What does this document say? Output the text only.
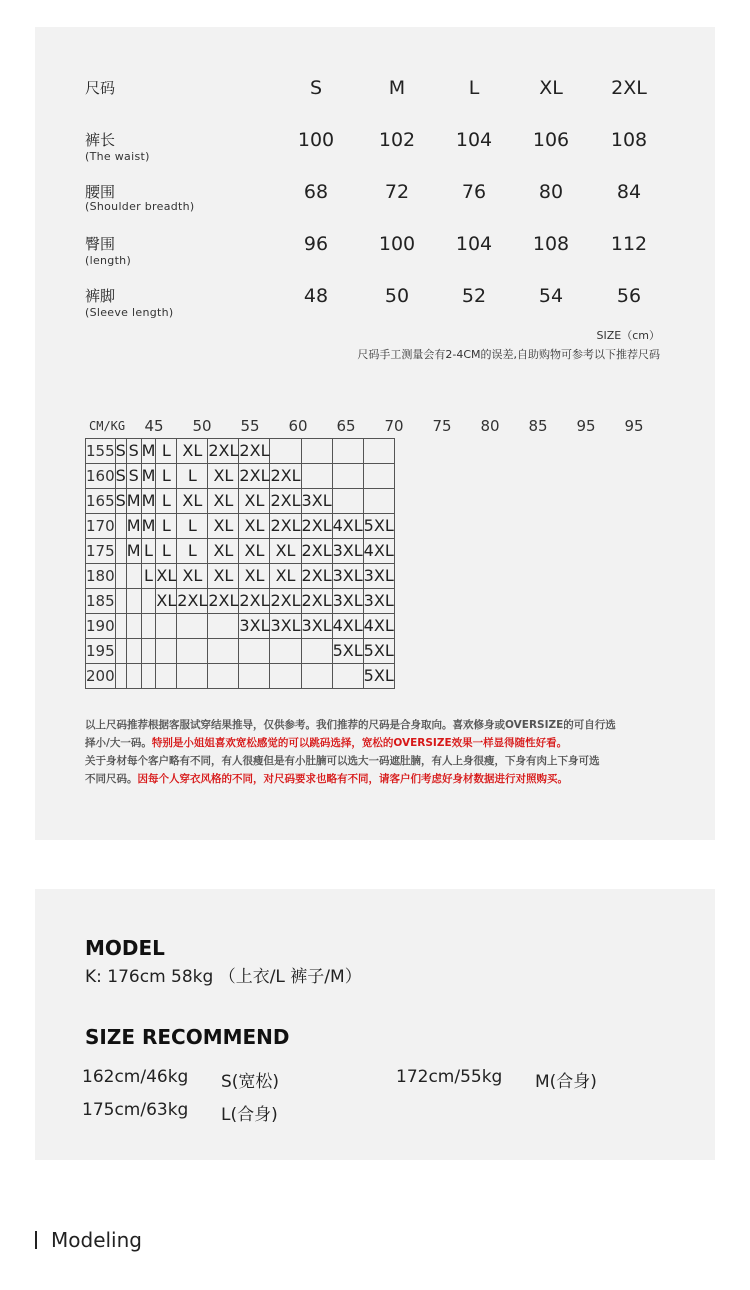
尺码	S	M	L	XL	2XL
裤长
(The waist)
100	102	104	106	108
腰围
(Shoulder breadth)
68	72	76	80	84
臀围
(length)
96	100	104	108	112
裤脚
(Sleeve length)
48	50	52	54	56
SIZE（cm）
尺码手工测量会有2-4CM的误差,自助购物可参考以下推荐尺码
CM/KG	45	50	55	60	65	70	75	80	85	95	95
155	S	S	M	L	XL	2XL	2XL				
160	S	S	M	L	L	XL	2XL	2XL			
165	S	M	M	L	XL	XL	XL	2XL	3XL		
170		M	M	L	L	XL	XL	2XL	2XL	4XL	5XL
175		M	L	L	L	XL	XL	XL	2XL	3XL	4XL
180			L	XL	XL	XL	XL	XL	2XL	3XL	3XL
185				XL	2XL	2XL	2XL	2XL	2XL	3XL	3XL
190							3XL	3XL	3XL	4XL	4XL
195										5XL	5XL
200											5XL
以上尺码推荐根据客服试穿结果推导，仅供参考。我们推荐的尺码是合身取向。喜欢修身或OVERSIZE的可自行选
择小/大一码。特别是小姐姐喜欢宽松感觉的可以跳码选择，宽松的OVERSIZE效果一样显得随性好看。
关于身材每个客户略有不同，有人很瘦但是有小肚腩可以选大一码遮肚腩，有人上身很瘦，下身有肉上下身可选
不同尺码。因每个人穿衣风格的不同，对尺码要求也略有不同，请客户们考虑好身材数据进行对照购买。
MODEL
K: 176cm 58kg （上衣/L 裤子/M）
SIZE RECOMMEND
162cm/46kg S(宽松)	172cm/55kg M(合身)
175cm/63kg L(合身)
Modeling
